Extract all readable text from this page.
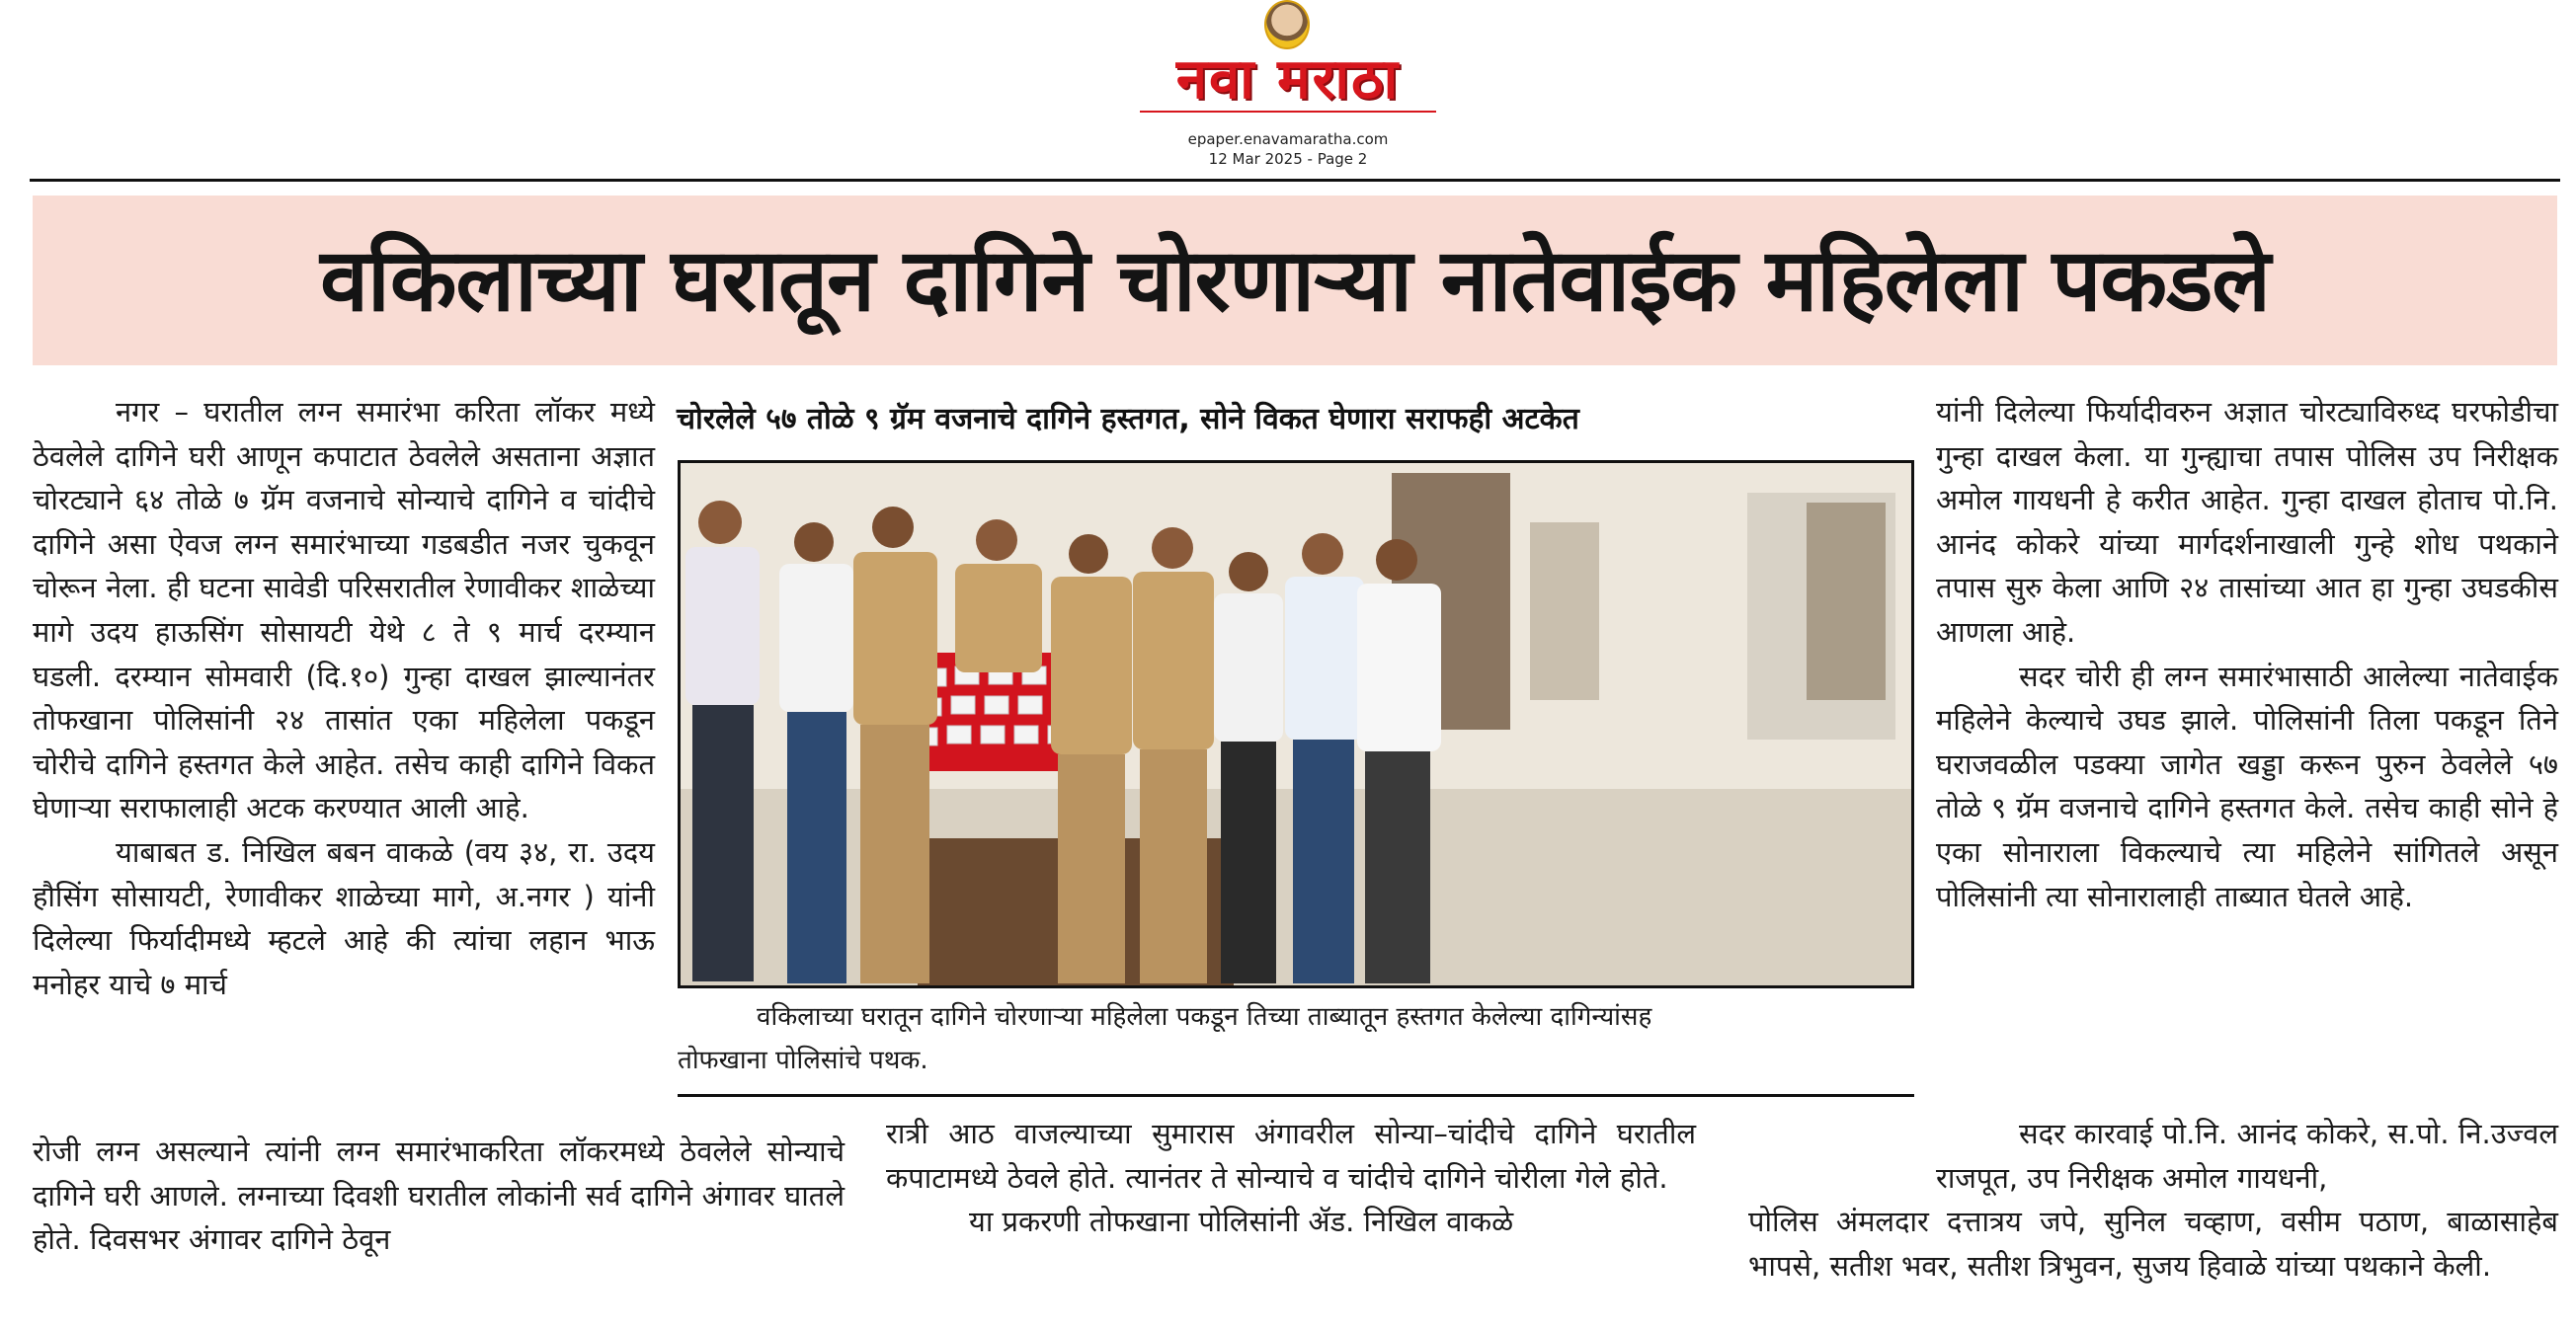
नवा मराठा
epaper.enavamaratha.com
12 Mar 2025 - Page 2
वकिलाच्या घरातून दागिने चोरणाऱ्या नातेवाईक महिलेला पकडले

नगर – घरातील लग्न समारंभा करिता लॉकर मध्ये ठेवलेले दागिने घरी आणून कपाटात ठेवलेले असताना अज्ञात चोरट्याने ६४ तोळे ७ ग्रॅम वजनाचे सोन्याचे दागिने व चांदीचे दागिने असा ऐवज लग्न समारंभाच्या गडबडीत नजर चुकवून चोरून नेला. ही घटना सावेडी परिसरातील रेणावीकर शाळेच्या मागे उदय हाऊसिंग सोसायटी येथे ८ ते ९ मार्च दरम्यान घडली. दरम्यान सोमवारी (दि.१०) गुन्हा दाखल झाल्यानंतर तोफखाना पोलिसांनी २४ तासांत एका महिलेला पकडून चोरीचे दागिने हस्तगत केले आहेत. तसेच काही दागिने विकत घेणाऱ्या सराफालाही अटक करण्यात आली आहे.

याबाबत ड. निखिल बबन वाकळे (वय ३४, रा. उदय हौसिंग सोसायटी, रेणावीकर शाळेच्या मागे, अ.नगर ) यांनी दिलेल्या फिर्यादीमध्ये म्हटले आहे की त्यांचा लहान भाऊ मनोहर याचे ७ मार्च

चोरलेले ५७ तोळे ९ ग्रॅम वजनाचे दागिने हस्तगत, सोने विकत घेणारा सराफही अटकेत
वकिलाच्या घरातून दागिने चोरणाऱ्या महिलेला पकडून तिच्या ताब्यातून हस्तगत केलेल्या दागिन्यांसह
तोफखाना पोलिसांचे पथक.

रोजी लग्न असल्याने त्यांनी लग्न समारंभाकरिता लॉकरमध्ये ठेवलेले सोन्याचे दागिने घरी आणले. लग्नाच्या दिवशी घरातील लोकांनी सर्व दागिने अंगावर घातले होते. दिवसभर अंगावर दागिने ठेवून

रात्री आठ वाजल्याच्या सुमारास अंगावरील सोन्या–चांदीचे दागिने घरातील कपाटामध्ये ठेवले होते. त्यानंतर ते सोन्याचे व चांदीचे दागिने चोरीला गेले होते.

या प्रकरणी तोफखाना पोलिसांनी ॲड. निखिल वाकळे

यांनी दिलेल्या फिर्यादीवरुन अज्ञात चोरट्याविरुध्द घरफोडीचा गुन्हा दाखल केला. या गुन्ह्याचा तपास पोलिस उप निरीक्षक अमोल गायधनी हे करीत आहेत. गुन्हा दाखल होताच पो.नि. आनंद कोकरे यांच्या मार्गदर्शनाखाली गुन्हे शोध पथकाने तपास सुरु केला आणि २४ तासांच्या आत हा गुन्हा उघडकीस आणला आहे.

सदर चोरी ही लग्न समारंभासाठी आलेल्या नातेवाईक महिलेने केल्याचे उघड झाले. पोलिसांनी तिला पकडून तिने घराजवळील पडक्या जागेत खड्डा करून पुरुन ठेवलेले ५७ तोळे ९ ग्रॅम वजनाचे दागिने हस्तगत केले. तसेच काही सोने हे एका सोनाराला विकल्याचे त्या महिलेने सांगितले असून पोलिसांनी त्या सोनारालाही ताब्यात घेतले आहे.

सदर कारवाई पो.नि. आनंद कोकरे, स.पो. नि.उज्वल राजपूत, उप निरीक्षक अमोल गायधनी,

पोलिस अंमलदार दत्तात्रय जपे, सुनिल चव्हाण, वसीम पठाण, बाळासाहेब भापसे, सतीश भवर, सतीश त्रिभुवन, सुजय हिवाळे यांच्या पथकाने केली.
